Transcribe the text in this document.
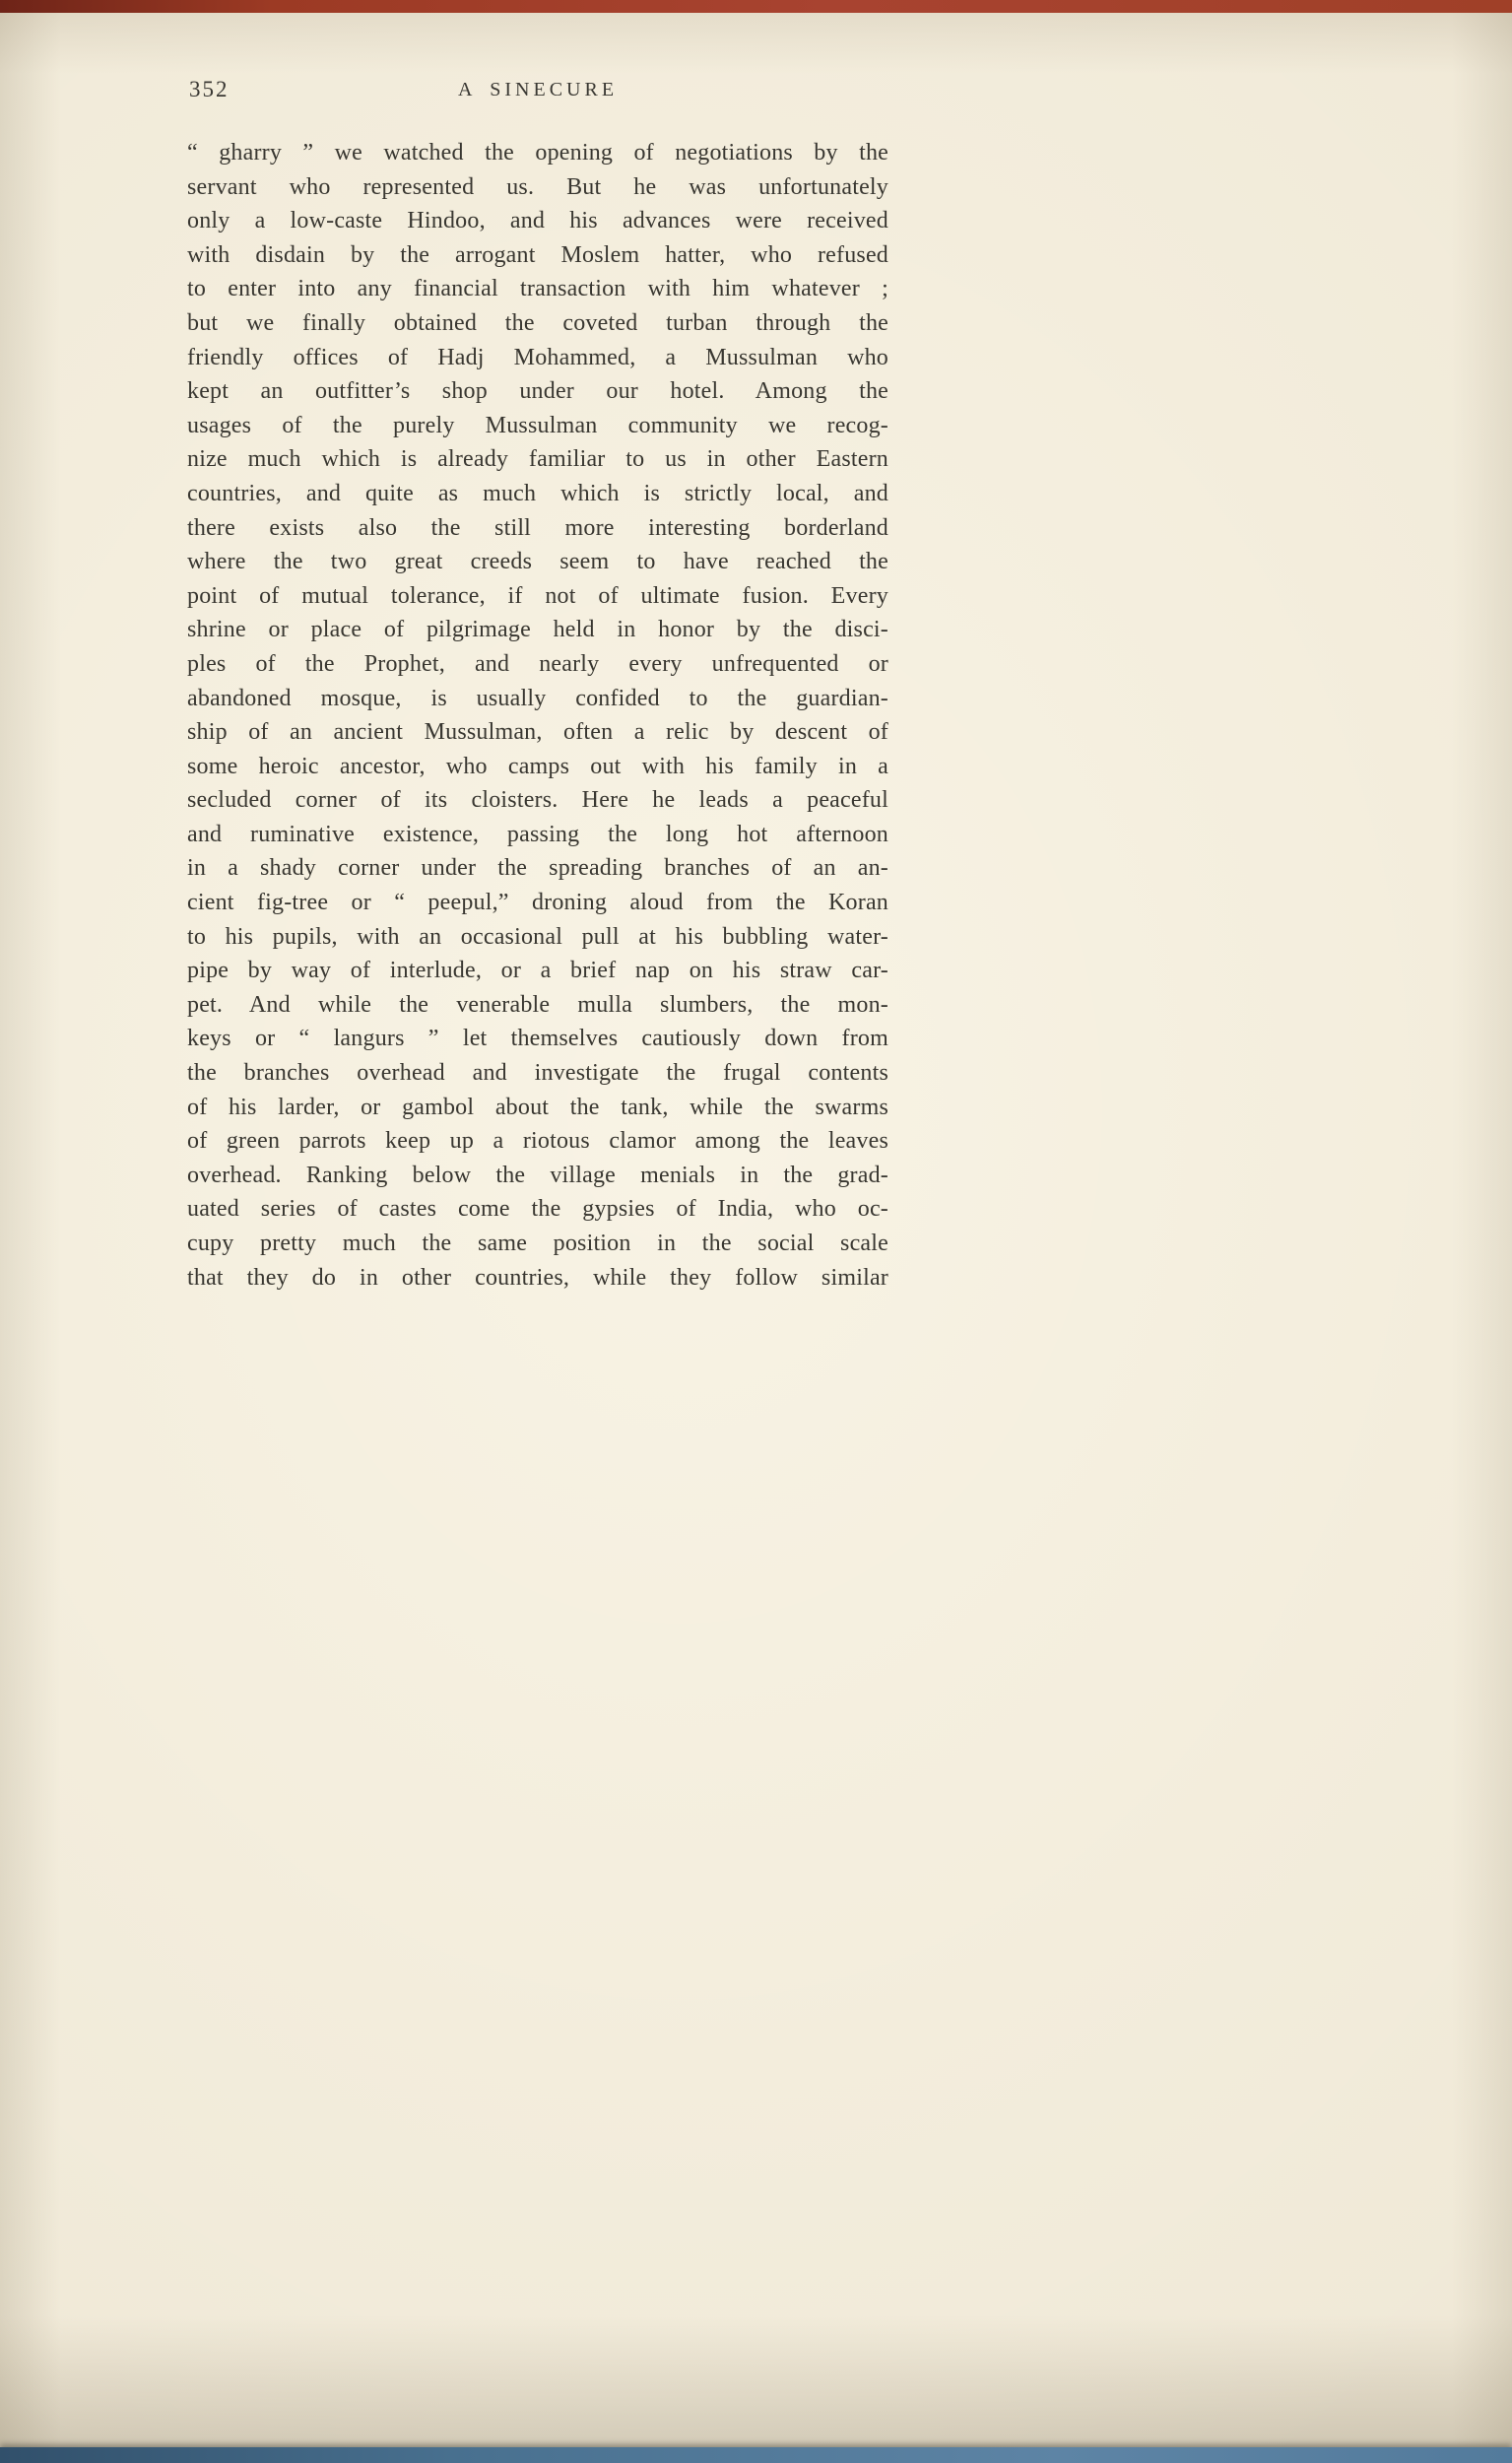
352	A SINECURE
“ gharry ” we watched the opening of negotiations by the
servant who represented us. But he was unfortunately
only a low-caste Hindoo, and his advances were received
with disdain by the arrogant Moslem hatter, who refused
to enter into any financial transaction with him whatever ;
but we finally obtained the coveted turban through the
friendly offices of Hadj Mohammed, a Mussulman who
kept an outfitter’s shop under our hotel. Among the
usages of the purely Mussulman community we recog-
nize much which is already familiar to us in other Eastern
countries, and quite as much which is strictly local, and
there exists also the still more interesting borderland
where the two great creeds seem to have reached the
point of mutual tolerance, if not of ultimate fusion. Every
shrine or place of pilgrimage held in honor by the disci-
ples of the Prophet, and nearly every unfrequented or
abandoned mosque, is usually confided to the guardian-
ship of an ancient Mussulman, often a relic by descent of
some heroic ancestor, who camps out with his family in a
secluded corner of its cloisters. Here he leads a peaceful
and ruminative existence, passing the long hot afternoon
in a shady corner under the spreading branches of an an-
cient fig-tree or “ peepul,” droning aloud from the Koran
to his pupils, with an occasional pull at his bubbling water-
pipe by way of interlude, or a brief nap on his straw car-
pet. And while the venerable mulla slumbers, the mon-
keys or “ langurs ” let themselves cautiously down from
the branches overhead and investigate the frugal contents
of his larder, or gambol about the tank, while the swarms
of green parrots keep up a riotous clamor among the leaves
overhead. Ranking below the village menials in the grad-
uated series of castes come the gypsies of India, who oc-
cupy pretty much the same position in the social scale
that they do in other countries, while they follow similar
